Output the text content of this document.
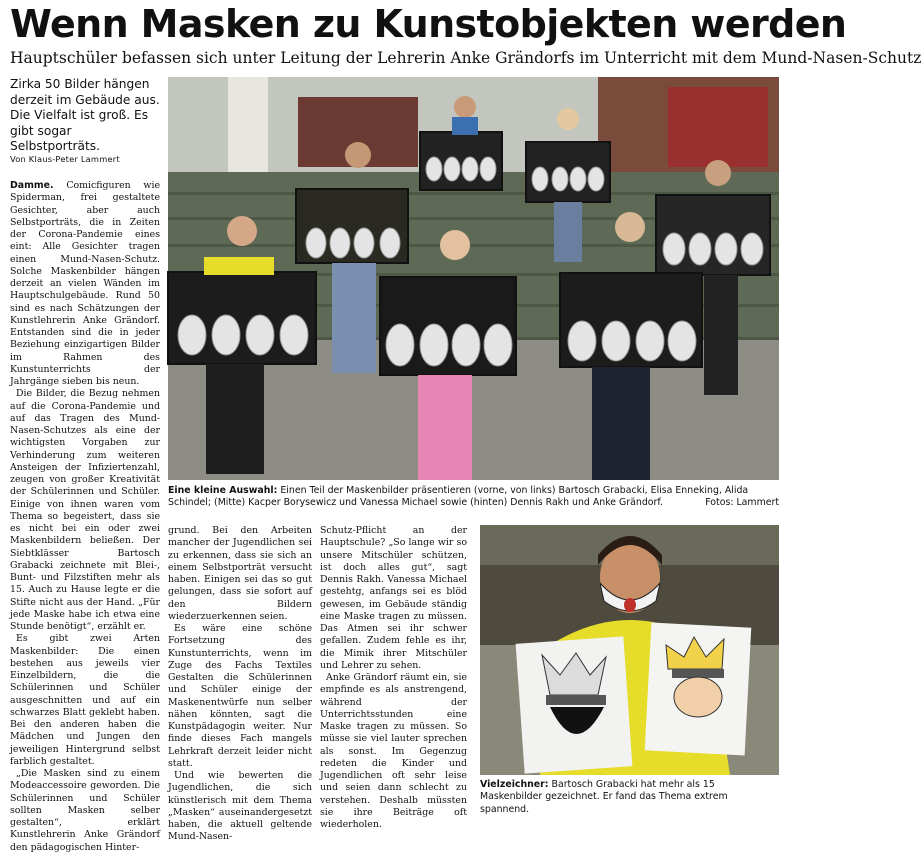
Wenn Masken zu Kunstobjekten werden
Hauptschüler befassen sich unter Leitung der Lehrerin Anke Grändorfs im Unterricht mit dem Mund-Nasen-Schutz
Zirka 50 Bilder hängen derzeit im Gebäude aus. Die Vielfalt ist groß. Es gibt sogar Selbstporträts.
Von Klaus-Peter Lammert

Damme. Comicfiguren wie Spiderman, frei gestaltete Gesichter, aber auch Selbstporträts, die in Zeiten der Corona-Pandemie eines eint: Alle Gesichter tragen einen Mund-Nasen-Schutz. Solche Maskenbilder hängen derzeit an vielen Wänden im Hauptschulgebäude. Rund 50 sind es nach Schätzungen der Kunstlehrerin Anke Grändorf. Entstanden sind die in jeder Beziehung einzigartigen Bilder im Rahmen des Kunstunterrichts der Jahrgänge sieben bis neun.

Die Bilder, die Bezug nehmen auf die Corona-Pandemie und auf das Tragen des Mund-Nasen-Schutzes als eine der wichtigsten Vorgaben zur Verhinderung zum weiteren Ansteigen der Infiziertenzahl, zeugen von großer Kreativität der Schülerinnen und Schüler. Einige von ihnen waren vom Thema so begeistert, dass sie es nicht bei ein oder zwei Maskenbildern beließen. Der Siebtklässer Bartosch Grabacki zeichnete mit Blei-, Bunt- und Filzstiften mehr als 15. Auch zu Hause legte er die Stifte nicht aus der Hand. „Für jede Maske habe ich etwa eine Stunde benötigt“, erzählt er.

Es gibt zwei Arten Maskenbilder: Die einen bestehen aus jeweils vier Einzelbildern, die die Schülerinnen und Schüler ausgeschnitten und auf ein schwarzes Blatt geklebt haben. Bei den anderen haben die Mädchen und Jungen den jeweiligen Hintergrund selbst farblich gestaltet.

„Die Masken sind zu einem Modeaccessoire geworden. Die Schülerinnen und Schüler sollten Masken selber gestalten“, erklärt Kunstlehrerin Anke Grändorf den pädagogischen Hinter-

grund. Bei den Arbeiten mancher der Jugendlichen sei zu erkennen, dass sie sich an einem Selbstporträt versucht haben. Einigen sei das so gut gelungen, dass sie sofort auf den Bildern wiederzuerkennen seien.

Es wäre eine schöne Fortsetzung des Kunstunterrichts, wenn im Zuge des Fachs Textiles Gestalten die Schülerinnen und Schüler einige der Maskenentwürfe nun selber nähen könnten, sagt die Kunstpädagogin weiter. Nur finde dieses Fach mangels Lehrkraft derzeit leider nicht statt.

Und wie bewerten die Jugendlichen, die sich künstlerisch mit dem Thema „Masken“ auseinandergesetzt haben, die aktuell geltende Mund-Nasen-

Schutz-Pflicht an der Hauptschule? „So lange wir so unsere Mitschüler schützen, ist doch alles gut“, sagt Dennis Rakh. Vanessa Michael gestehtg, anfangs sei es blöd gewesen, im Gebäude ständig eine Maske tragen zu müssen. Das Atmen sei ihr schwer gefallen. Zudem fehle es ihr, die Mimik ihrer Mitschüler und Lehrer zu sehen.

Anke Grändorf räumt ein, sie empfinde es als anstrengend, während der Unterrichtsstunden eine Maske tragen zu müssen. So müsse sie viel lauter sprechen als sonst. Im Gegenzug redeten die Kinder und Jugendlichen oft sehr leise und seien dann schlecht zu verstehen. Deshalb müssten sie ihre Beiträge oft wiederholen.

Eine kleine Auswahl: Einen Teil der Maskenbilder präsentieren (vorne, von links) Bartosch Grabacki, Elisa Enneking, Alida Schindel; (Mitte) Kacper Borysewicz und Vanessa Michael sowie (hinten) Dennis Rakh und Anke Grändorf.	Fotos: Lammert
Vielzeichner: Bartosch Grabacki hat mehr als 15 Maskenbilder gezeichnet. Er fand das Thema extrem spannend.
